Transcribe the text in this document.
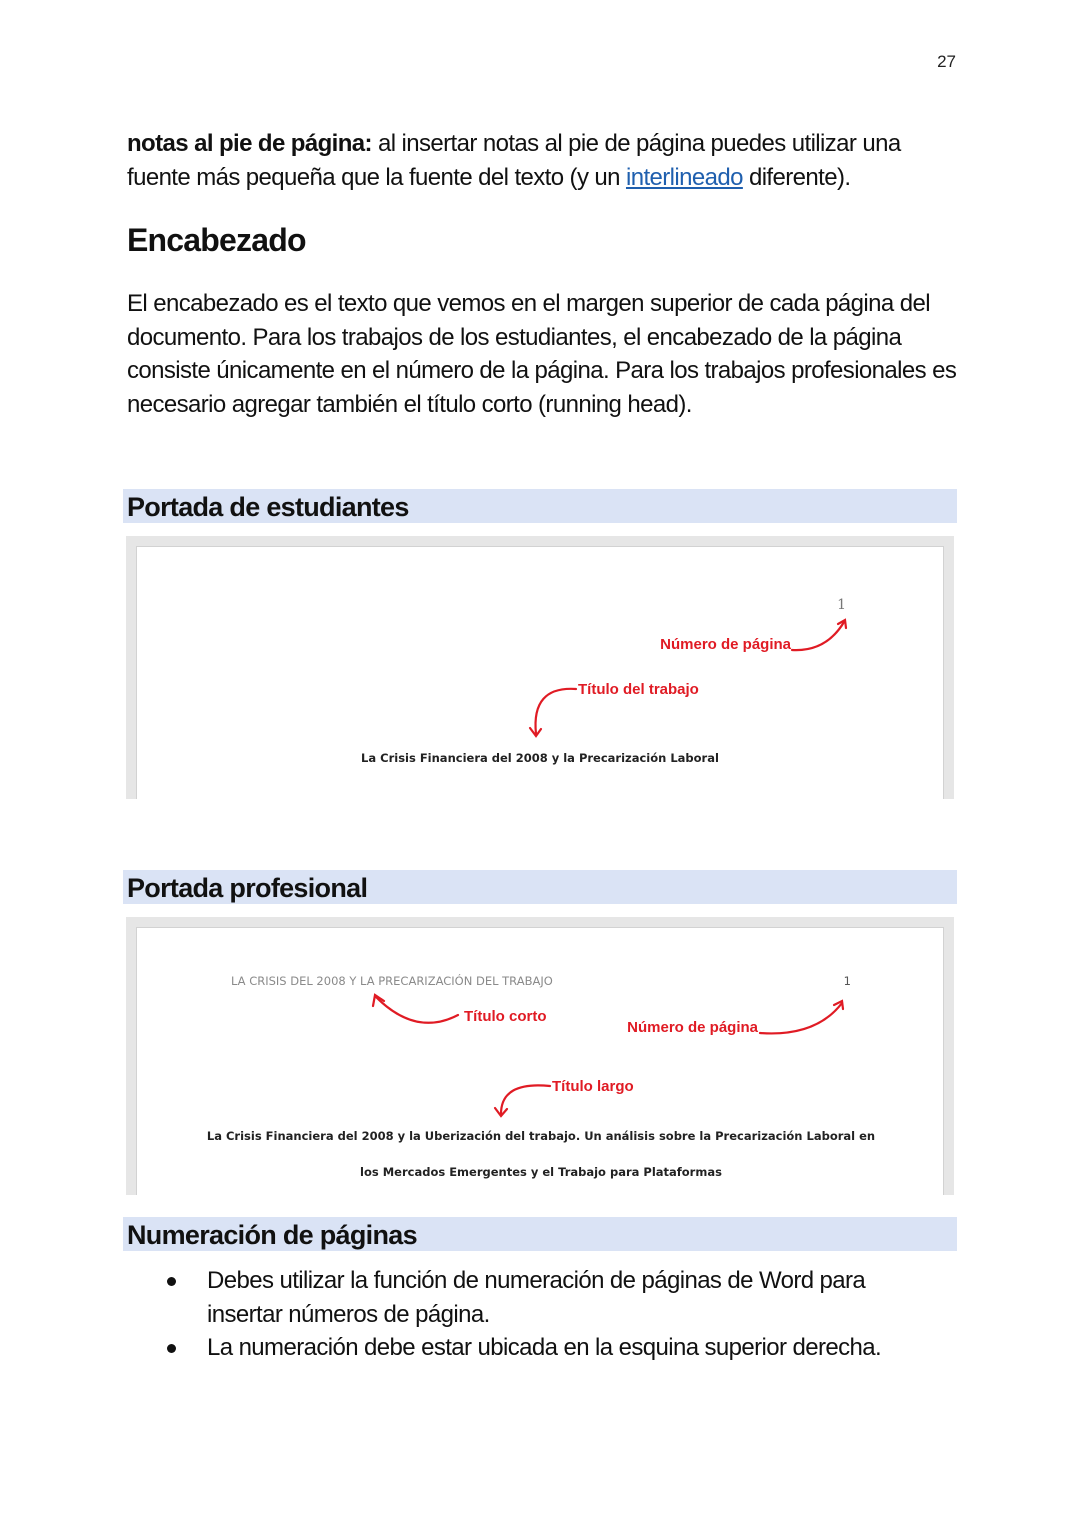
27

notas al pie de página: al insertar notas al pie de página puedes utilizar una fuente más pequeña que la fuente del texto (y un interlineado diferente).

Encabezado

El encabezado es el texto que vemos en el margen superior de cada página del documento. Para los trabajos de los estudiantes, el encabezado de la página consiste únicamente en el número de la página. Para los trabajos profesionales es necesario agregar también el título corto (running head).

Portada de estudiantes
1
Número de página
Título del trabajo
La Crisis Financiera del 2008 y la Precarización Laboral
Portada profesional
LA CRISIS DEL 2008 Y LA PRECARIZACIÓN DEL TRABAJO	1
Título corto
Número de página
Título largo
La Crisis Financiera del 2008 y la Uberización del trabajo. Un análisis sobre la Precarización Laboral en
los Mercados Emergentes y el Trabajo para Plataformas
Numeración de páginas
Debes utilizar la función de numeración de páginas de Word para insertar números de página.
La numeración debe estar ubicada en la esquina superior derecha.
